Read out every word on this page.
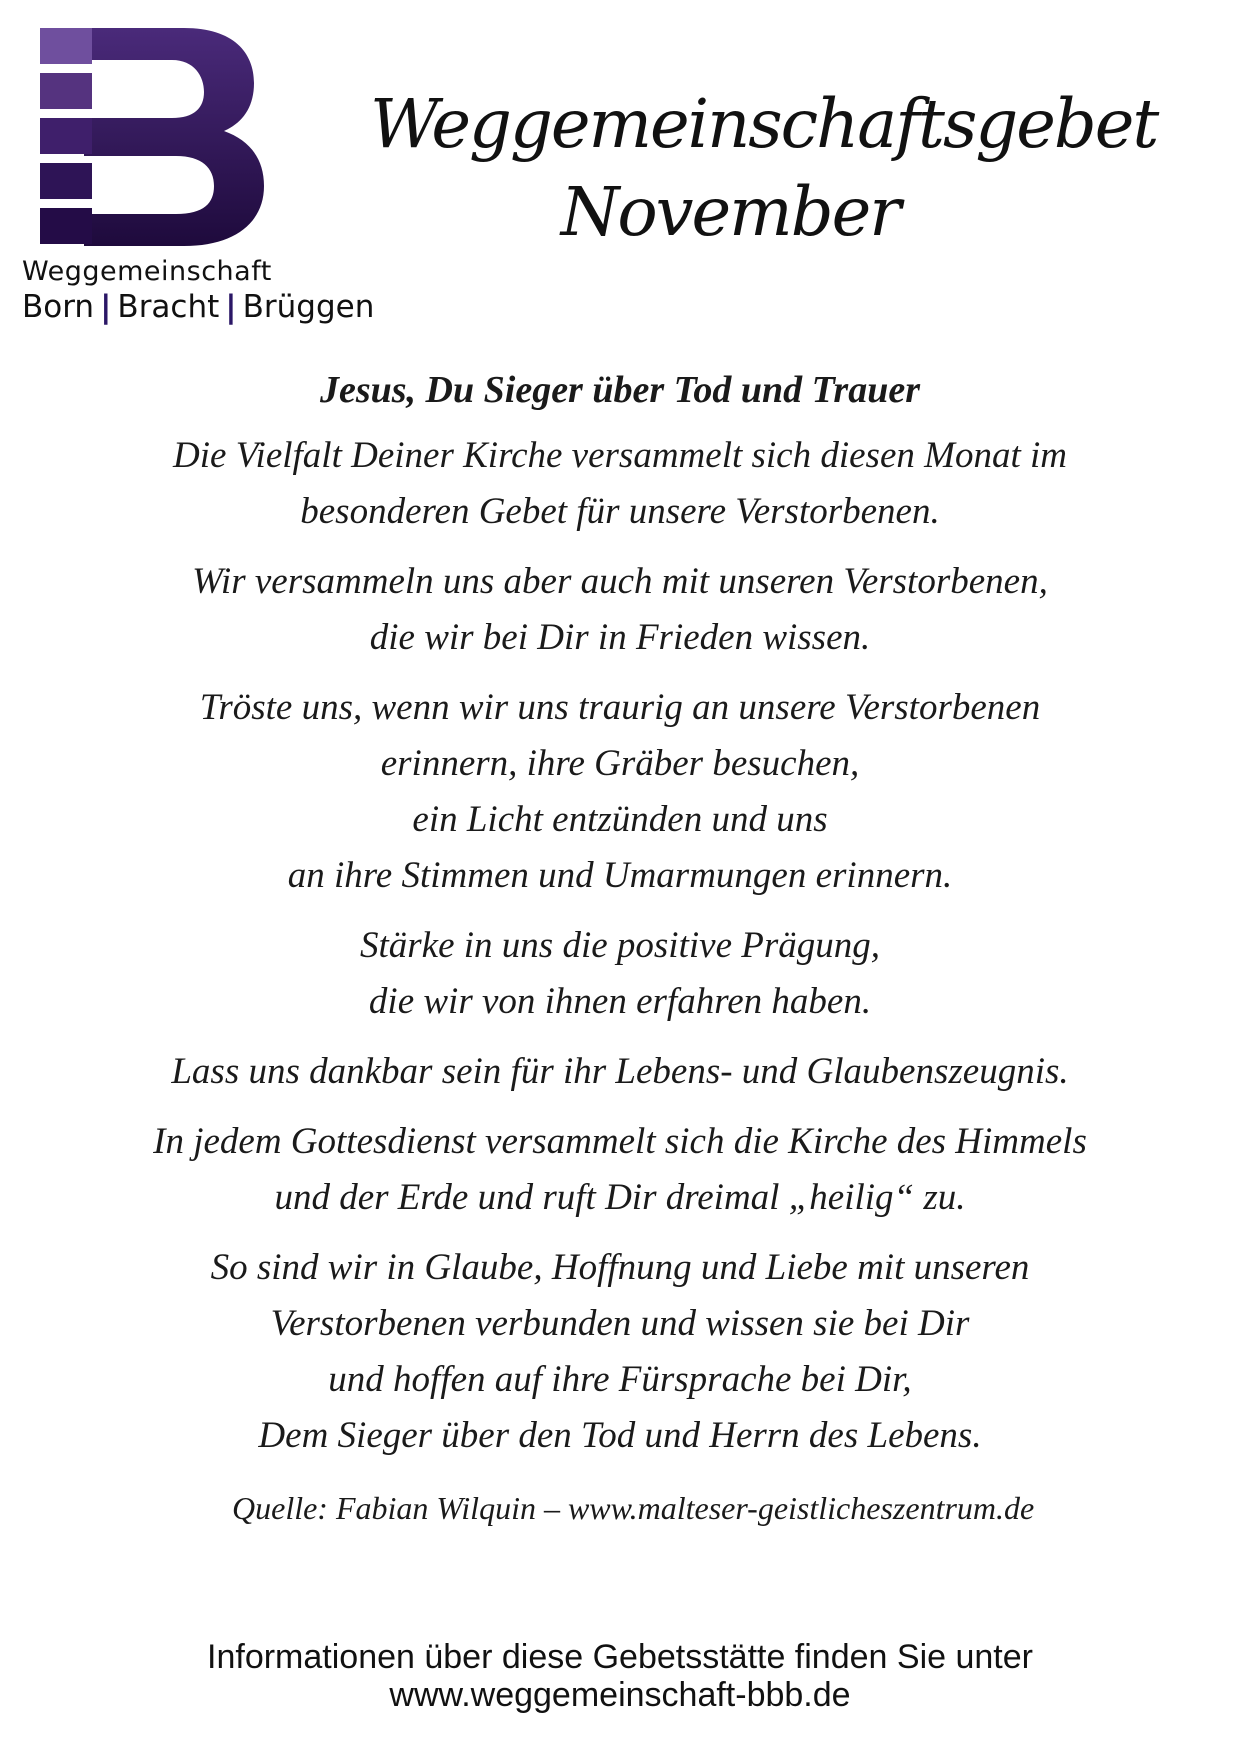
Weggemeinschaft
Born | Bracht | Brüggen
Weggemeinschaftsgebet
November
Jesus, Du Sieger über Tod und Trauer
Die Vielfalt Deiner Kirche versammelt sich diesen Monat im
besonderen Gebet für unsere Verstorbenen.
Wir versammeln uns aber auch mit unseren Verstorbenen,
die wir bei Dir in Frieden wissen.
Tröste uns, wenn wir uns traurig an unsere Verstorbenen
erinnern, ihre Gräber besuchen,
ein Licht entzünden und uns
an ihre Stimmen und Umarmungen erinnern.
Stärke in uns die positive Prägung,
die wir von ihnen erfahren haben.
Lass uns dankbar sein für ihr Lebens- und Glaubenszeugnis.
In jedem Gottesdienst versammelt sich die Kirche des Himmels
und der Erde und ruft Dir dreimal „heilig“ zu.
So sind wir in Glaube, Hoffnung und Liebe mit unseren
Verstorbenen verbunden und wissen sie bei Dir
und hoffen auf ihre Fürsprache bei Dir,
Dem Sieger über den Tod und Herrn des Lebens.
Quelle: Fabian Wilquin – www.malteser-geistlicheszentrum.de
Informationen über diese Gebetsstätte finden Sie unter
www.weggemeinschaft-bbb.de
